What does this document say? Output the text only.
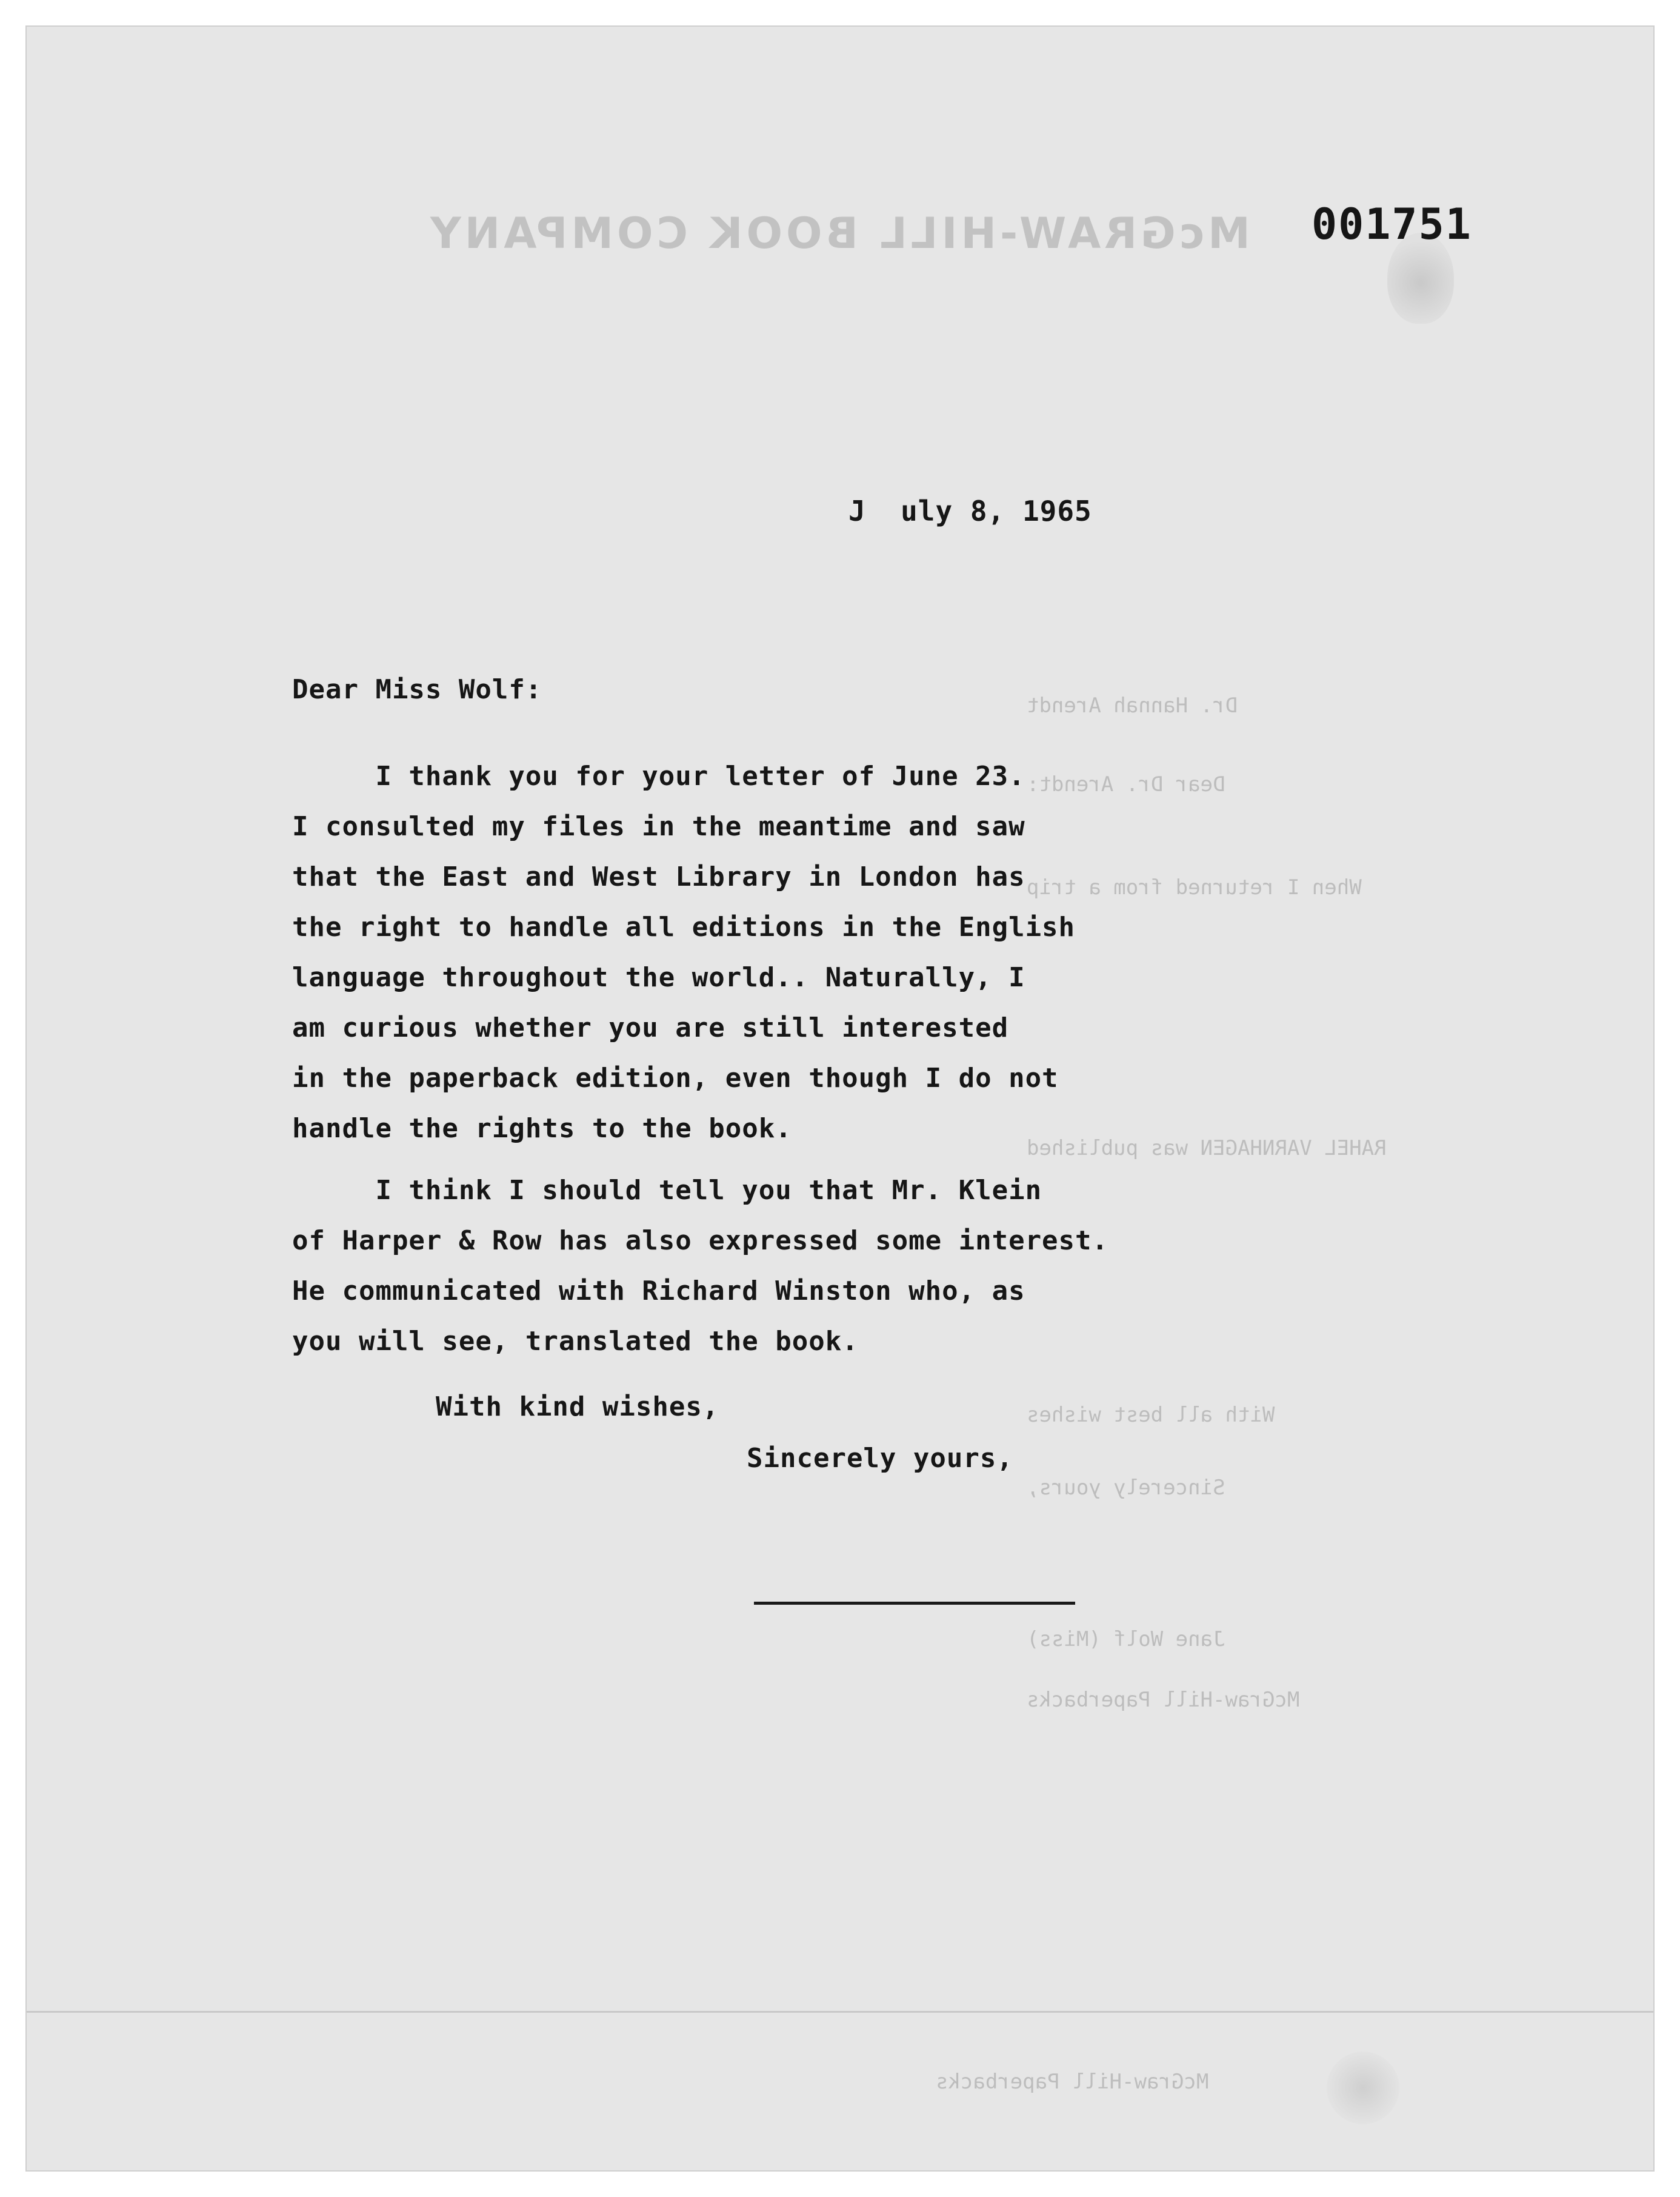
McGRAW-HILL BOOK COMPANY
Dr. Hannah Arendt
Dear Dr. Arendt:
When I returned from a trip
RAHEL VARNHAGEN was published
With all best wishes
Sincerely yours,
Jane Wolf (Miss)
McGraw-Hill Paperbacks
McGraw-Hill Paperbacks
001751
J  uly 8, 1965
Dear Miss Wolf:
I thank you for your letter of June 23.
I consulted my files in the meantime and saw
that the East and West Library in London has
the right to handle all editions in the English
language throughout the world.. Naturally, I
am curious whether you are still interested
in the paperback edition, even though I do not
handle the rights to the book.
I think I should tell you that Mr. Klein
of Harper & Row has also expressed some interest.
He communicated with Richard Winston who, as
you will see, translated the book.
With kind wishes,
Sincerely yours,
